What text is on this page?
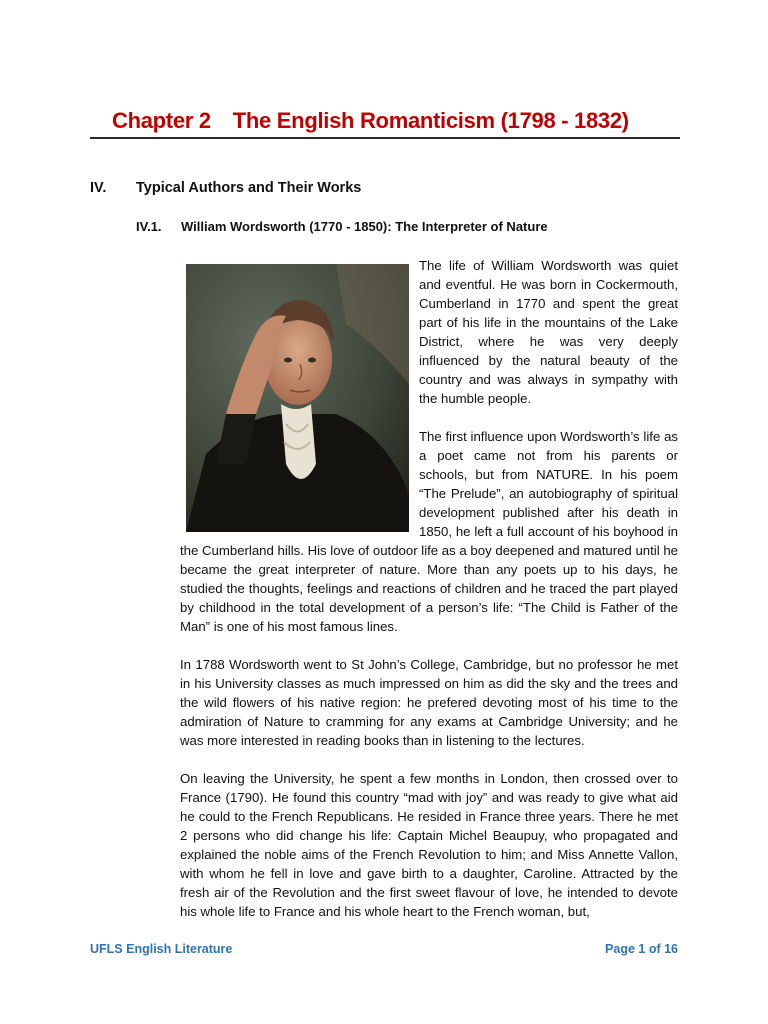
Chapter 2 The English Romanticism (1798 - 1832)
IV. Typical Authors and Their Works
IV.1. William Wordsworth (1770 - 1850): The Interpreter of Nature

The life of William Wordsworth was quiet and eventful. He was born in Cockermouth, Cumberland in 1770 and spent the great part of his life in the mountains of the Lake District, where he was very deeply influenced by the natural beauty of the country and was always in sympathy with the humble people.

The first influence upon Wordsworth’s life as a poet came not from his parents or schools, but from NATURE. In his poem “The Prelude”, an autobiography of spiritual development published after his death in 1850, he left a full account of his boyhood in the Cumberland hills. His love of outdoor life as a boy deepened and matured until he became the great interpreter of nature. More than any poets up to his days, he studied the thoughts, feelings and reactions of children and he traced the part played by childhood in the total development of a person’s life: “The Child is Father of the Man” is one of his most famous lines.

In 1788 Wordsworth went to St John’s College, Cambridge, but no professor he met in his University classes as much impressed on him as did the sky and the trees and the wild flowers of his native region: he prefered devoting most of his time to the admiration of Nature to cramming for any exams at Cambridge University; and he was more interested in reading books than in listening to the lectures.

On leaving the University, he spent a few months in London, then crossed over to France (1790). He found this country “mad with joy” and was ready to give what aid he could to the French Republicans. He resided in France three years. There he met 2 persons who did change his life: Captain Michel Beaupuy, who propagated and explained the noble aims of the French Revolution to him; and Miss Annette Vallon, with whom he fell in love and gave birth to a daughter, Caroline. Attracted by the fresh air of the Revolution and the first sweet flavour of love, he intended to devote his whole life to France and his whole heart to the French woman, but,

UFLS English Literature	Page 1 of 16
